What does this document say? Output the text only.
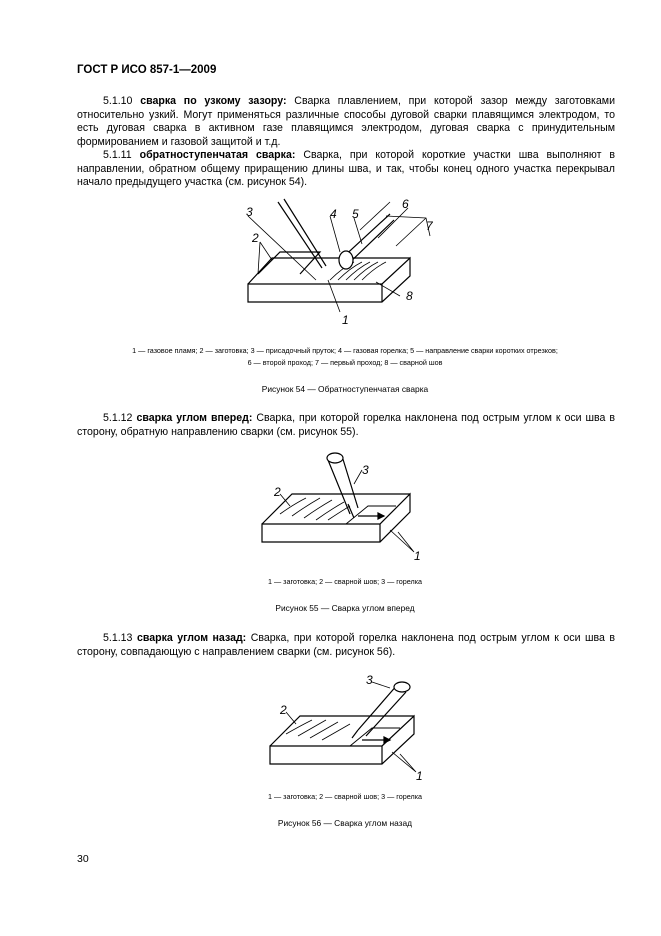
ГОСТ Р ИСО 857-1—2009
5.1.10 сварка по узкому зазору: Сварка плавлением, при которой зазор между заготовками относительно узкий. Могут применяться различные способы дуговой сварки плавящимся электродом, то есть дуговая сварка в активном газе плавящимся электродом, дуговая сварка с принудительным формированием и газовой защитой и т.д.
5.1.11 обратноступенчатая сварка: Сварка, при которой короткие участки шва выполняют в направлении, обратном общему приращению длины шва, и так, чтобы конец одного участка перекрывал начало предыдущего участка (см. рисунок 54).
3
2
4 5
6
7
8
1
1 — газовое пламя; 2 — заготовка; 3 — присадочный пруток; 4 — газовая горелка; 5 — направление сварки коротких отрезков;
6 — второй проход; 7 — первый проход; 8 — сварной шов
Рисунок 54 — Обратноступенчатая сварка
5.1.12 сварка углом вперед: Сварка, при которой горелка наклонена под острым углом к оси шва в сторону, обратную направлению сварки (см. рисунок 55).
2
3
1
1 — заготовка; 2 — сварной шов; 3 — горелка
Рисунок 55 — Сварка углом вперед
5.1.13 сварка углом назад: Сварка, при которой горелка наклонена под острым углом к оси шва в сторону, совпадающую с направлением сварки (см. рисунок 56).
2
3
1
1 — заготовка; 2 — сварной шов; 3 — горелка
Рисунок 56 — Сварка углом назад
30
